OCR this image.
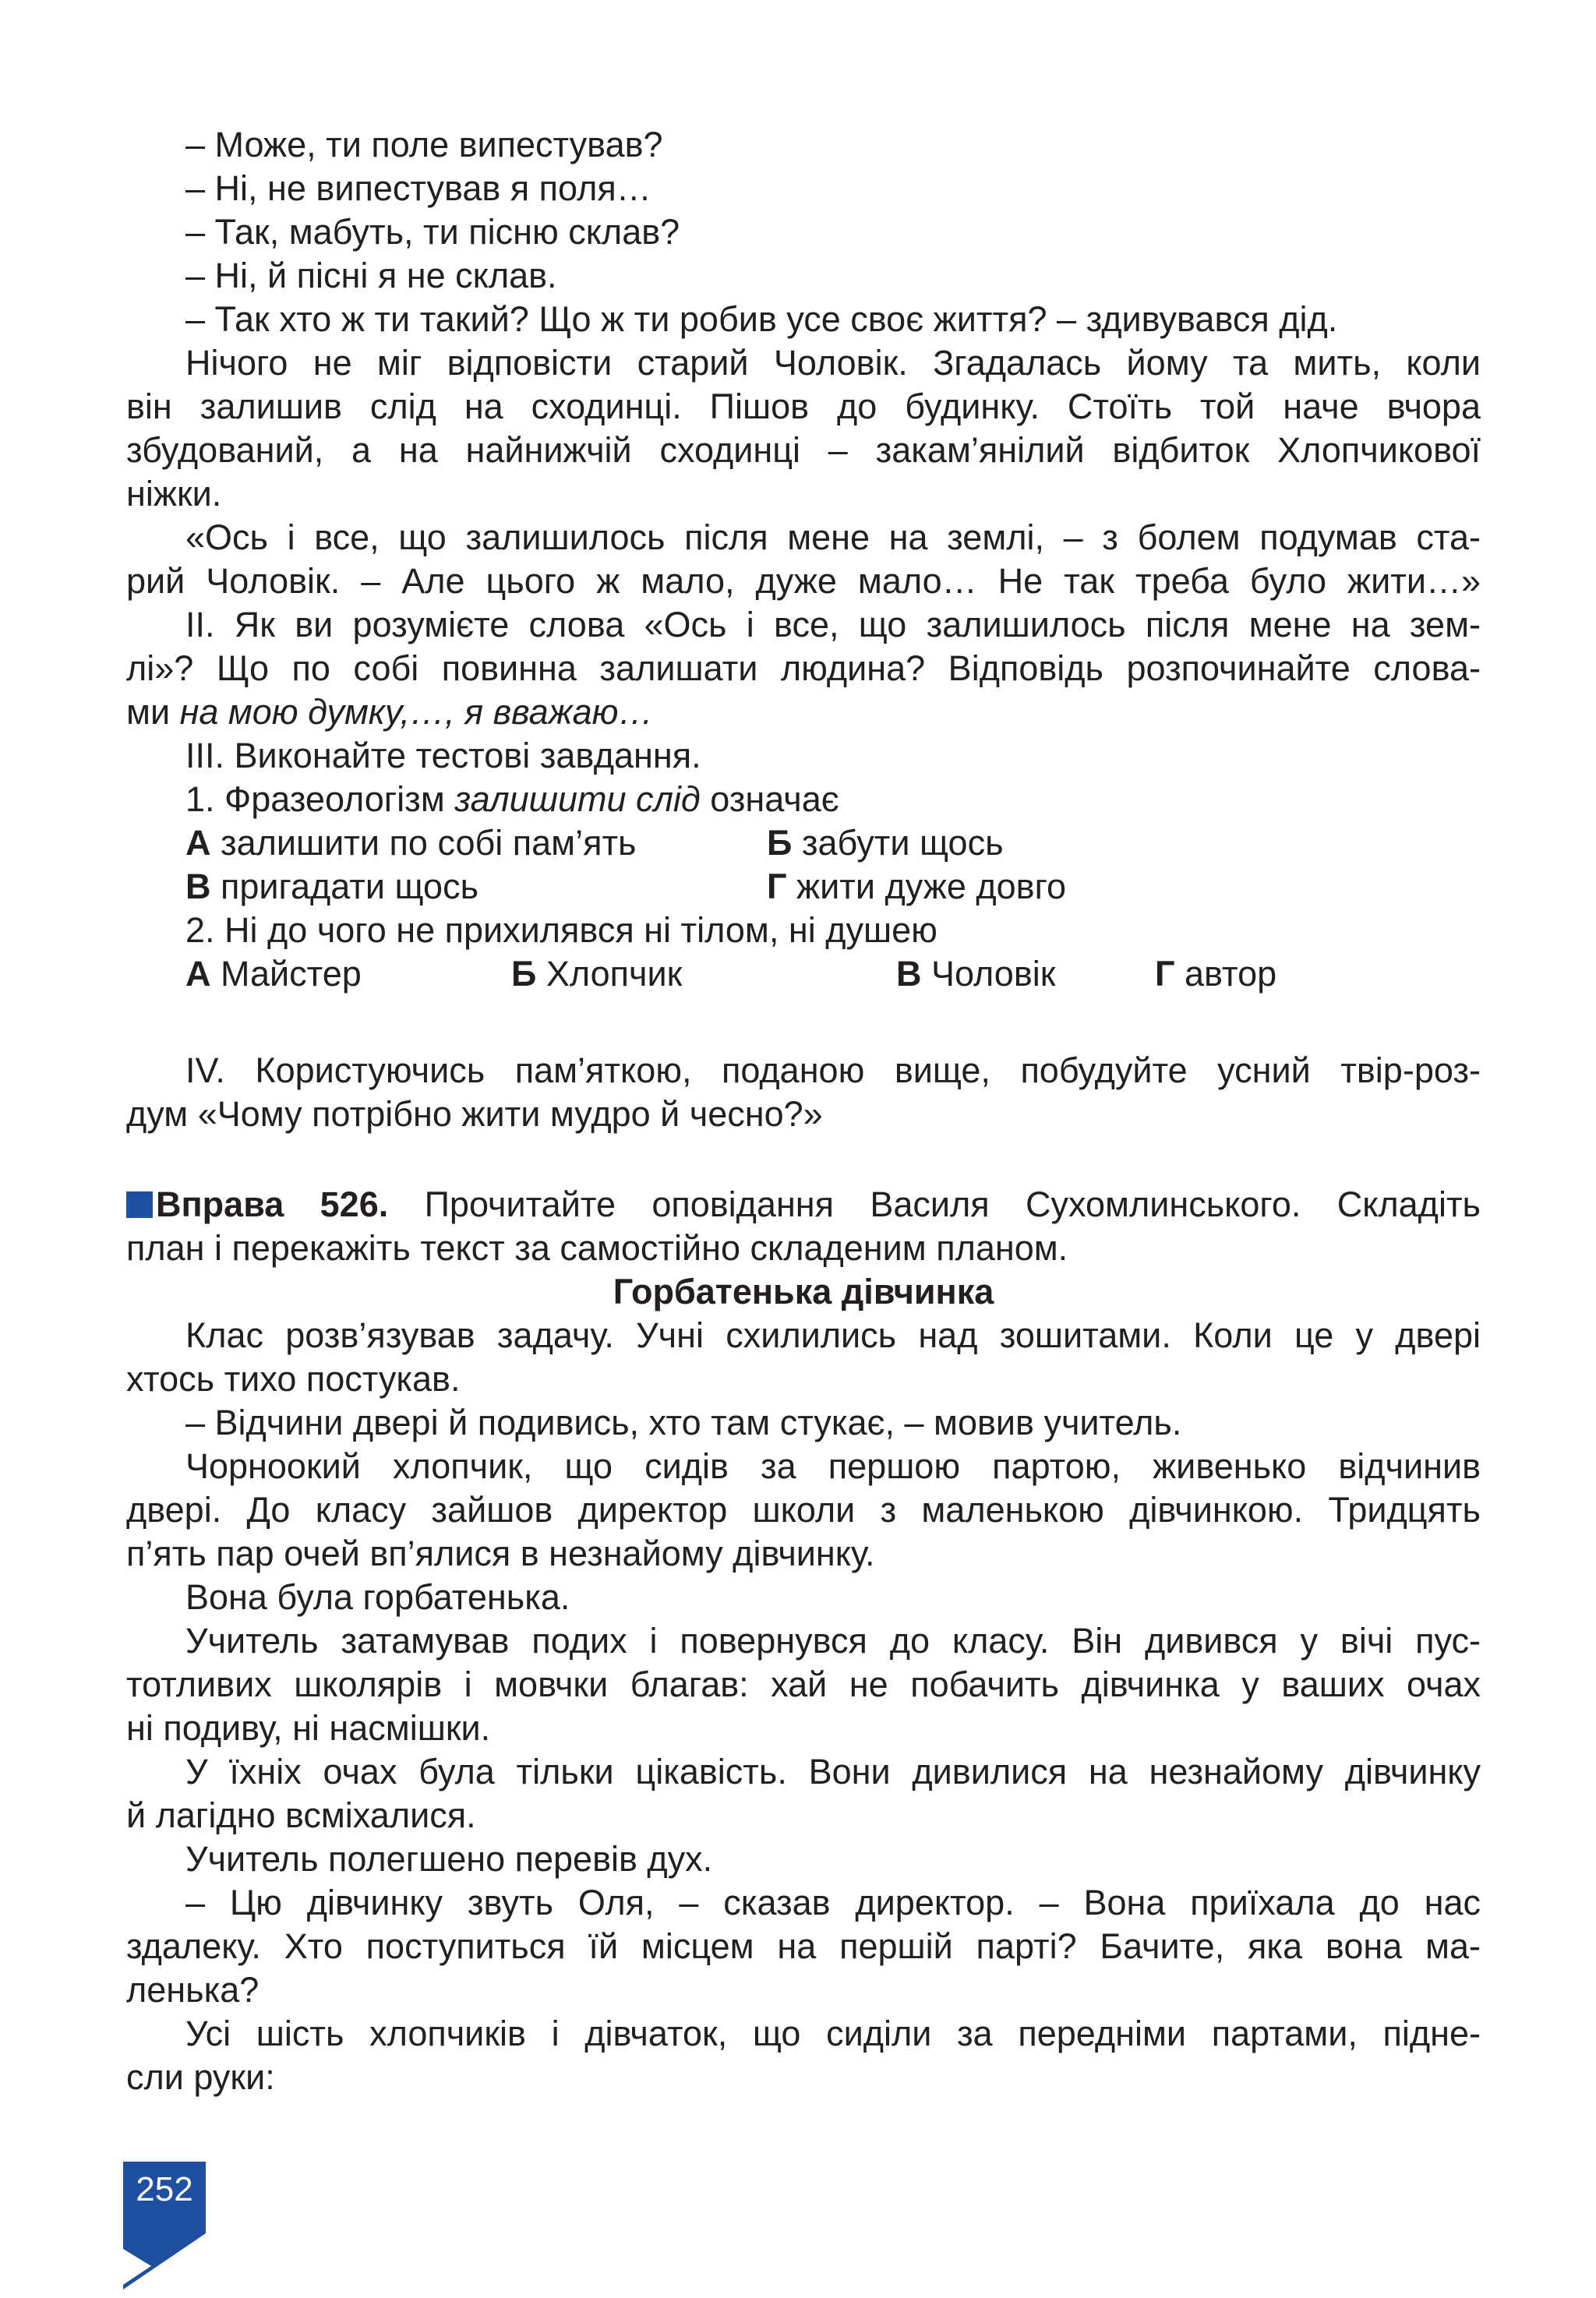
– Може, ти поле випестував?
– Ні, не випестував я поля…
– Так, мабуть, ти пісню склав?
– Ні, й пісні я не склав.
– Так хто ж ти такий? Що ж ти робив усе своє життя? – здивувався дід.
Нічого не міг відповісти старий Чоловік. Згадалась йому та мить, коли
він залишив слід на сходинці. Пішов до будинку. Стоїть той наче вчора
збудований, а на найнижчій сходинці – закам’янілий відбиток Хлопчикової
ніжки.
«Ось і все, що залишилось після мене на землі, – з болем подумав ста-
рий Чоловік. – Але цього ж мало, дуже мало… Не так треба було жити…»
ІІ. Як ви розумієте слова «Ось і все, що залишилось після мене на зем-
лі»? Що по собі повинна залишати людина? Відповідь розпочинайте слова-
ми на мою думку,…, я вважаю…
ІІІ. Виконайте тестові завдання.
1. Фразеологізм залишити слід означає
А залишити по собі пам’ять	Б забути щось
В пригадати щось	Г жити дуже довго
2. Ні до чого не прихилявся ні тілом, ні душею
А Майстер	Б Хлопчик	В Чоловік	Г автор
IV. Користуючись пам’яткою, поданою вище, побудуйте усний твір-роз-
дум «Чому потрібно жити мудро й чесно?»
Вправа 526. Прочитайте оповідання Василя Сухомлинського. Складіть
план і перекажіть текст за самостійно складеним планом.
Горбатенька дівчинка
Клас розв’язував задачу. Учні схилились над зошитами. Коли це у двері
хтось тихо постукав.
– Відчини двері й подивись, хто там стукає, – мовив учитель.
Чорноокий хлопчик, що сидів за першою партою, живенько відчинив
двері. До класу зайшов директор школи з маленькою дівчинкою. Тридцять
п’ять пар очей вп’ялися в незнайому дівчинку.
Вона була горбатенька.
Учитель затамував подих і повернувся до класу. Він дивився у вічі пус-
тотливих школярів і мовчки благав: хай не побачить дівчинка у ваших очах
ні подиву, ні насмішки.
У їхніх очах була тільки цікавість. Вони дивилися на незнайому дівчинку
й лагідно всміхалися.
Учитель полегшено перевів дух.
– Цю дівчинку звуть Оля, – сказав директор. – Вона приїхала до нас
здалеку. Хто поступиться їй місцем на першій парті? Бачите, яка вона ма-
ленька?
Усі шість хлопчиків і дівчаток, що сиділи за передніми партами, підне-
сли руки:
252
